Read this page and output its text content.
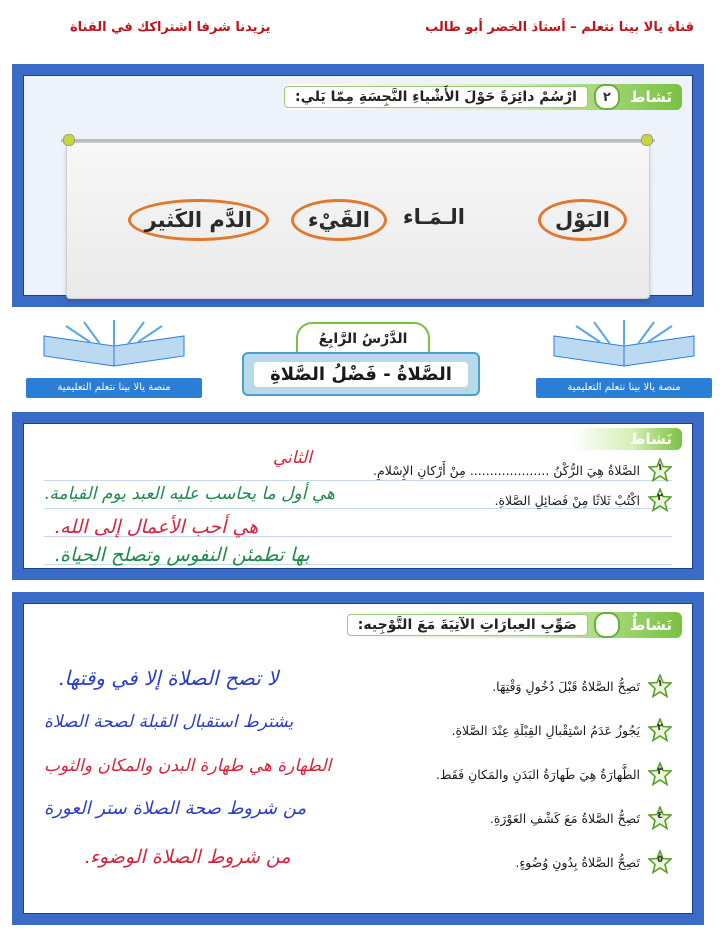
قناة يالا بينا نتعلم – أستاذ الخضر أبو طالب
يزيدنا شرفا اشتراكك في القناة
نَشاط
٢
ارْسُمْ دائِرَةً حَوْلَ الأَشْياءِ النَّجِسَةِ مِمّا يَلي:
البَوْل
الـمَـاء
القَيْء
الدَّم الكَثير
منصة يالا بينا نتعلم التعليمية
منصة يالا بينا نتعلم التعليمية
الدَّرْسُ الرَّابِعُ
الصَّلاةُ - فَضْلُ الصَّلاةِ
نَشاط
١
الصَّلاةُ هِيَ الرُّكْنُ .................... مِنْ أَرْكانِ الإِسْلامِ.
الثاني
٢
اكْتُبْ ثَلاثًا مِنْ فَضائِلِ الصَّلاةِ.
هي أول ما يحاسب عليه العبد يوم القيامة.
هي أحب الأعمال إلى الله.
بها تطمئن النفوس وتصلح الحياة.
نَشاطٌ
صَوِّبِ العِبارَاتِ الآتِيَةَ مَعَ التَّوْجِيه:
١
تَصِحُّ الصَّلاةُ قَبْلَ دُخُولِ وَقْتِهَا.
لا تصح الصلاة إلا في وقتها.
٢
يَجُوزُ عَدَمُ اسْتِقْبالِ القِبْلَةِ عِنْدَ الصَّلاةِ.
يشترط استقبال القبلة لصحة الصلاة
٣
الطَّهارَةُ هِيَ طَهارَةُ البَدَنِ والمَكانِ فَقَط.
الطهارة هي طهارة البدن والمكان والثوب
٤
تَصِحُّ الصَّلاةُ مَعَ كَشْفِ العَوْرَةِ.
من شروط صحة الصلاة ستر العورة
٥
تَصِحُّ الصَّلاةُ بِدُونِ وُضُوءٍ.
من شروط الصلاة الوضوء.
